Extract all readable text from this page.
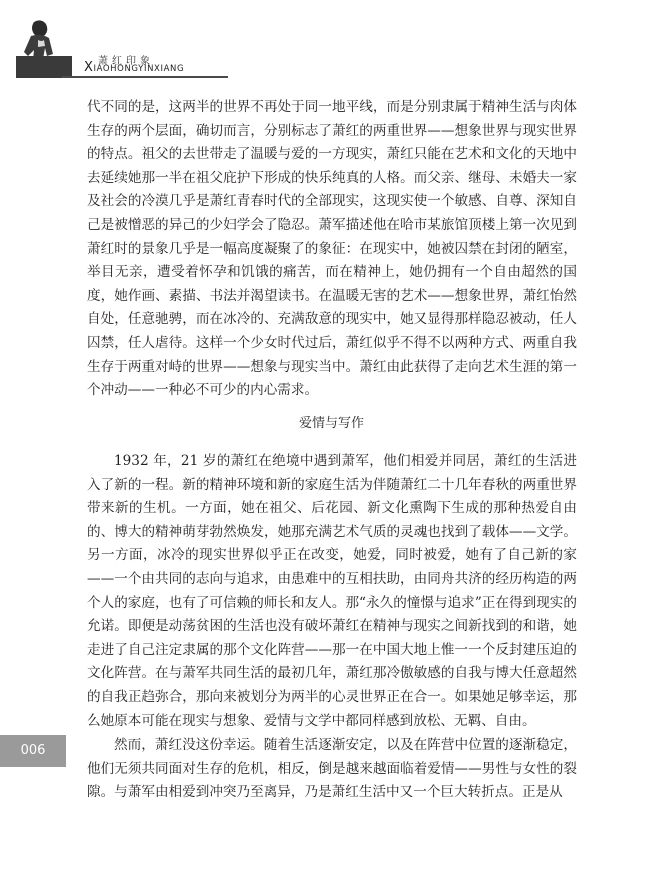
萧红印象
XIAOHONGYINXIANG

代不同的是，这两半的世界不再处于同一地平线，而是分别隶属于精神生活与肉体生存的两个层面，确切而言，分别标志了萧红的两重世界——想象世界与现实世界的特点。祖父的去世带走了温暖与爱的一方现实，萧红只能在艺术和文化的天地中去延续她那一半在祖父庇护下形成的快乐纯真的人格。而父亲、继母、未婚夫一家及社会的冷漠几乎是萧红青春时代的全部现实，这现实使一个敏感、自尊、深知自己是被憎恶的异己的少妇学会了隐忍。萧军描述他在哈市某旅馆顶楼上第一次见到萧红时的景象几乎是一幅高度凝聚了的象征：在现实中，她被囚禁在封闭的陋室，举目无亲，遭受着怀孕和饥饿的痛苦，而在精神上，她仍拥有一个自由超然的国度，她作画、素描、书法并渴望读书。在温暖无害的艺术——想象世界，萧红怡然自处，任意驰骋，而在冰冷的、充满敌意的现实中，她又显得那样隐忍被动，任人囚禁，任人虐待。这样一个少女时代过后，萧红似乎不得不以两种方式、两重自我生存于两重对峙的世界——想象与现实当中。萧红由此获得了走向艺术生涯的第一个冲动——一种必不可少的内心需求。

爱情与写作

1932 年，21 岁的萧红在绝境中遇到萧军，他们相爱并同居，萧红的生活进入了新的一程。新的精神环境和新的家庭生活为伴随萧红二十几年春秋的两重世界带来新的生机。一方面，她在祖父、后花园、新文化熏陶下生成的那种热爱自由的、博大的精神萌芽勃然焕发，她那充满艺术气质的灵魂也找到了载体——文学。另一方面，冰冷的现实世界似乎正在改变，她爱，同时被爱，她有了自己新的家——一个由共同的志向与追求，由患难中的互相扶助，由同舟共济的经历构造的两个人的家庭，也有了可信赖的师长和友人。那“永久的憧憬与追求”正在得到现实的允诺。即便是动荡贫困的生活也没有破坏萧红在精神与现实之间新找到的和谐，她走进了自己注定隶属的那个文化阵营——那一在中国大地上惟一一个反封建压迫的文化阵营。在与萧军共同生活的最初几年，萧红那冷傲敏感的自我与博大任意超然的自我正趋弥合，那向来被划分为两半的心灵世界正在合一。如果她足够幸运，那么她原本可能在现实与想象、爱情与文学中都同样感到放松、无羁、自由。

然而，萧红没这份幸运。随着生活逐渐安定，以及在阵营中位置的逐渐稳定，他们无须共同面对生存的危机，相反，倒是越来越面临着爱情——男性与女性的裂隙。与萧军由相爱到冲突乃至离异，乃是萧红生活中又一个巨大转折点。正是从

006
